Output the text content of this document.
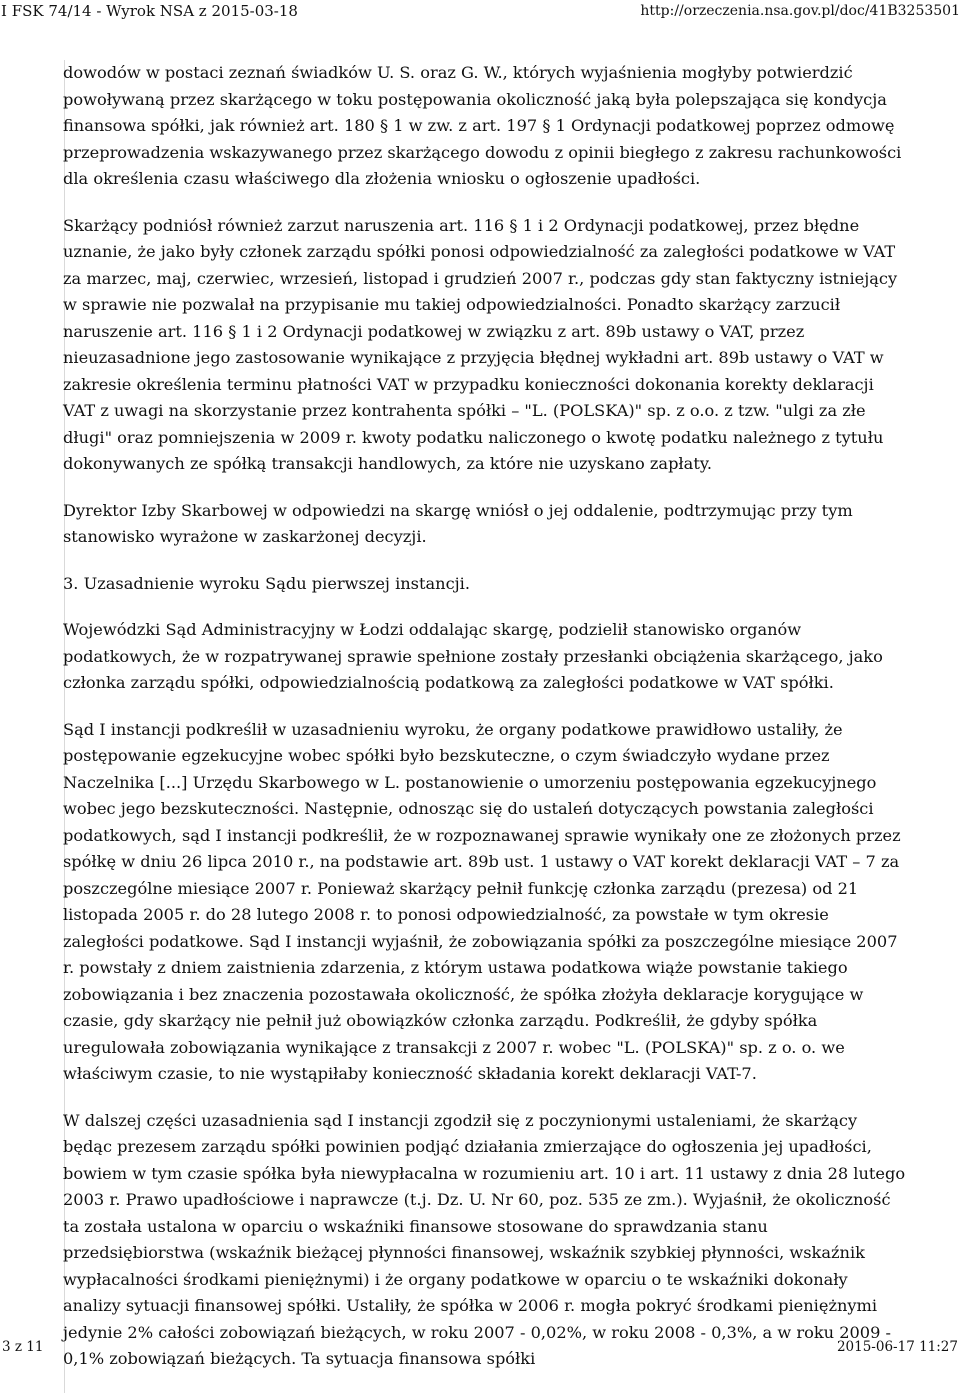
I FSK 74/14 - Wyrok NSA z 2015-03-18	http://orzeczenia.nsa.gov.pl/doc/41B3253501

dowodów w postaci zeznań świadków U. S. oraz G. W., których wyjaśnienia mogłyby potwierdzić powoływaną przez skarżącego w toku postępowania okoliczność jaką była polepszająca się kondycja finansowa spółki, jak również art. 180 § 1 w zw. z art. 197 § 1 Ordynacji podatkowej poprzez odmowę przeprowadzenia wskazywanego przez skarżącego dowodu z opinii biegłego z zakresu rachunkowości dla określenia czasu właściwego dla złożenia wniosku o ogłoszenie upadłości.

Skarżący podniósł również zarzut naruszenia art. 116 § 1 i 2 Ordynacji podatkowej, przez błędne uznanie, że jako były członek zarządu spółki ponosi odpowiedzialność za zaległości podatkowe w VAT za marzec, maj, czerwiec, wrzesień, listopad i grudzień 2007 r., podczas gdy stan faktyczny istniejący w sprawie nie pozwalał na przypisanie mu takiej odpowiedzialności. Ponadto skarżący zarzucił naruszenie art. 116 § 1 i 2 Ordynacji podatkowej w związku z art. 89b ustawy o VAT, przez nieuzasadnione jego zastosowanie wynikające z przyjęcia błędnej wykładni art. 89b ustawy o VAT w zakresie określenia terminu płatności VAT w przypadku konieczności dokonania korekty deklaracji VAT z uwagi na skorzystanie przez kontrahenta spółki – "L. (POLSKA)" sp. z o.o. z tzw. "ulgi za złe długi" oraz pomniejszenia w 2009 r. kwoty podatku naliczonego o kwotę podatku należnego z tytułu dokonywanych ze spółką transakcji handlowych, za które nie uzyskano zapłaty.

Dyrektor Izby Skarbowej w odpowiedzi na skargę wniósł o jej oddalenie, podtrzymując przy tym stanowisko wyrażone w zaskarżonej decyzji.

3. Uzasadnienie wyroku Sądu pierwszej instancji.

Wojewódzki Sąd Administracyjny w Łodzi oddalając skargę, podzielił stanowisko organów podatkowych, że w rozpatrywanej sprawie spełnione zostały przesłanki obciążenia skarżącego, jako członka zarządu spółki, odpowiedzialnością podatkową za zaległości podatkowe w VAT spółki.

Sąd I instancji podkreślił w uzasadnieniu wyroku, że organy podatkowe prawidłowo ustaliły, że postępowanie egzekucyjne wobec spółki było bezskuteczne, o czym świadczyło wydane przez Naczelnika [...] Urzędu Skarbowego w L. postanowienie o umorzeniu postępowania egzekucyjnego wobec jego bezskuteczności. Następnie, odnosząc się do ustaleń dotyczących powstania zaległości podatkowych, sąd I instancji podkreślił, że w rozpoznawanej sprawie wynikały one ze złożonych przez spółkę w dniu 26 lipca 2010 r., na podstawie art. 89b ust. 1 ustawy o VAT korekt deklaracji VAT – 7 za poszczególne miesiące 2007 r. Ponieważ skarżący pełnił funkcję członka zarządu (prezesa) od 21 listopada 2005 r. do 28 lutego 2008 r. to ponosi odpowiedzialność, za powstałe w tym okresie zaległości podatkowe. Sąd I instancji wyjaśnił, że zobowiązania spółki za poszczególne miesiące 2007 r. powstały z dniem zaistnienia zdarzenia, z którym ustawa podatkowa wiąże powstanie takiego zobowiązania i bez znaczenia pozostawała okoliczność, że spółka złożyła deklaracje korygujące w czasie, gdy skarżący nie pełnił już obowiązków członka zarządu. Podkreślił, że gdyby spółka uregulowała zobowiązania wynikające z transakcji z 2007 r. wobec "L. (POLSKA)" sp. z o. o. we właściwym czasie, to nie wystąpiłaby konieczność składania korekt deklaracji VAT-7.

W dalszej części uzasadnienia sąd I instancji zgodził się z poczynionymi ustaleniami, że skarżący będąc prezesem zarządu spółki powinien podjąć działania zmierzające do ogłoszenia jej upadłości, bowiem w tym czasie spółka była niewypłacalna w rozumieniu art. 10 i art. 11 ustawy z dnia 28 lutego 2003 r. Prawo upadłościowe i naprawcze (t.j. Dz. U. Nr 60, poz. 535 ze zm.). Wyjaśnił, że okoliczność ta została ustalona w oparciu o wskaźniki finansowe stosowane do sprawdzania stanu przedsiębiorstwa (wskaźnik bieżącej płynności finansowej, wskaźnik szybkiej płynności, wskaźnik wypłacalności środkami pieniężnymi) i że organy podatkowe w oparciu o te wskaźniki dokonały analizy sytuacji finansowej spółki. Ustaliły, że spółka w 2006 r. mogła pokryć środkami pieniężnymi jedynie 2% całości zobowiązań bieżących, w roku 2007 - 0,02%, w roku 2008 - 0,3%, a w roku 2009 - 0,1% zobowiązań bieżących. Ta sytuacja finansowa spółki

3 z 11	2015-06-17 11:27
